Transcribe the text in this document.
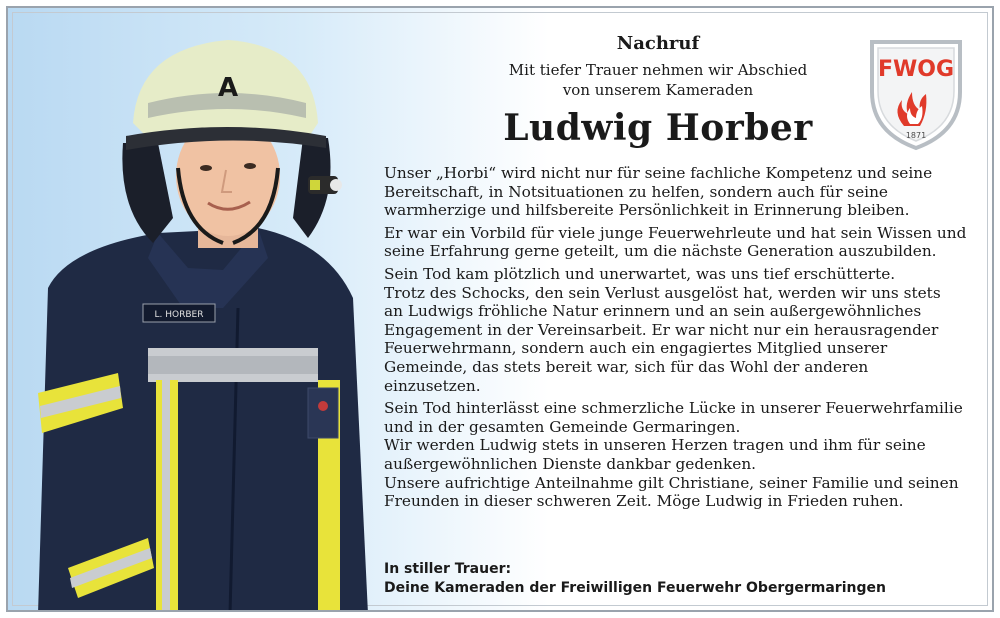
L. HORBER
A
FWOG
1871
Nachruf
Mit tiefer Trauer nehmen wir Abschied
von unserem Kameraden
Ludwig Horber

Unser „Horbi“ wird nicht nur für seine fachliche Kompetenz und seine
Bereitschaft, in Notsituationen zu helfen, sondern auch für seine
warmherzige und hilfsbereite Persönlichkeit in Erinnerung bleiben.

Er war ein Vorbild für viele junge Feuerwehrleute und hat sein Wissen und
seine Erfahrung gerne geteilt, um die nächste Generation auszubilden.

Sein Tod kam plötzlich und unerwartet, was uns tief erschütterte.
Trotz des Schocks, den sein Verlust ausgelöst hat, werden wir uns stets
an Ludwigs fröhliche Natur erinnern und an sein außergewöhnliches
Engagement in der Vereinsarbeit. Er war nicht nur ein herausragender
Feuerwehrmann, sondern auch ein engagiertes Mitglied unserer
Gemeinde, das stets bereit war, sich für das Wohl der anderen
einzusetzen.

Sein Tod hinterlässt eine schmerzliche Lücke in unserer Feuerwehrfamilie
und in der gesamten Gemeinde Germaringen.
Wir werden Ludwig stets in unseren Herzen tragen und ihm für seine
außergewöhnlichen Dienste dankbar gedenken.
Unsere aufrichtige Anteilnahme gilt Christiane, seiner Familie und seinen
Freunden in dieser schweren Zeit. Möge Ludwig in Frieden ruhen.

In stiller Trauer:
Deine Kameraden der Freiwilligen Feuerwehr Obergermaringen
